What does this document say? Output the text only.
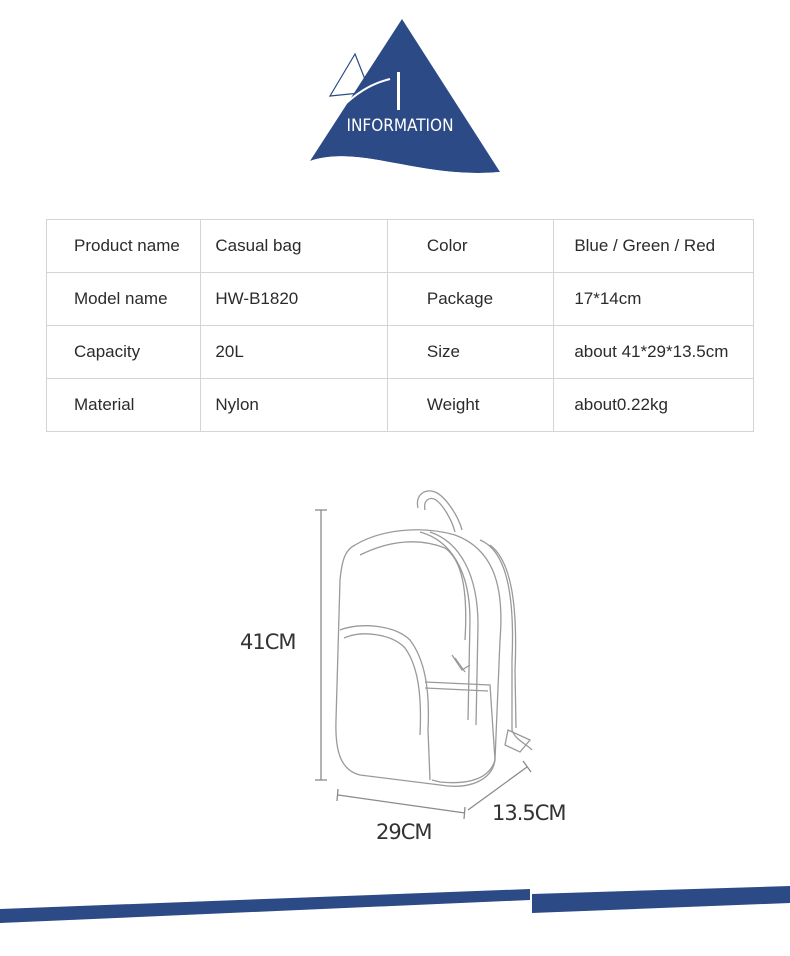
INFORMATION
Product name	Casual bag	Color	Blue / Green / Red
Model name	HW-B1820	Package	17*14cm
Capacity	20L	Size	about 41*29*13.5cm
Material	Nylon	Weight	about0.22kg
41CM
29CM
13.5CM
